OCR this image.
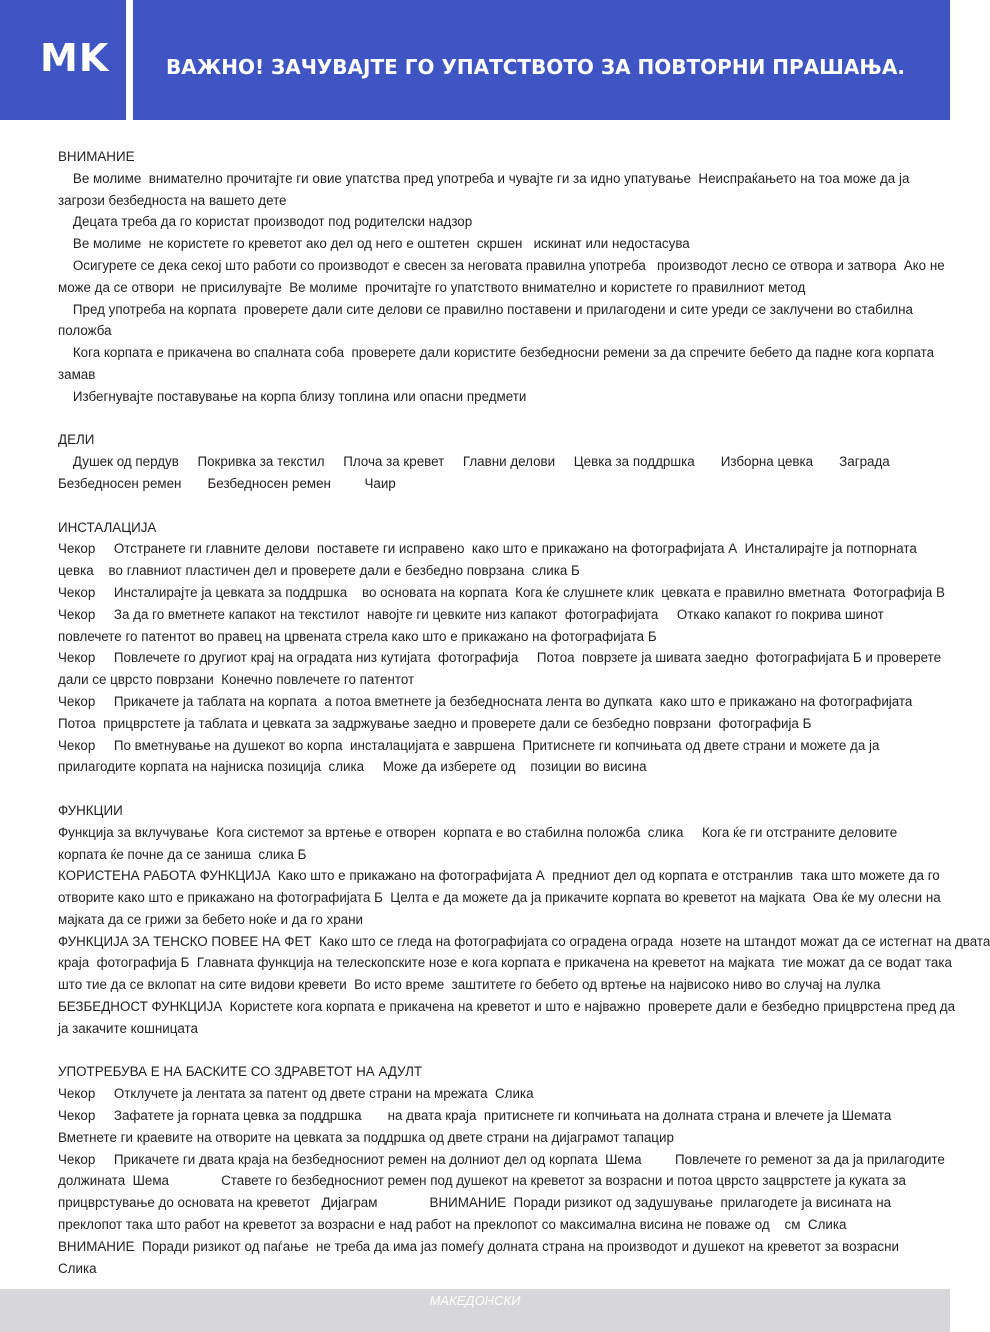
MK	ВАЖНО! ЗАЧУВАЈТЕ ГО УПАТСТВОТО ЗА ПОВТОРНИ ПРАШАЊА.
ВНИМАНИЕ
Ве молиме  внимателно прочитајте ги овие упатства пред употреба и чувајте ги за идно упатување  Неиспраќањето на тоа може да ја
загрози безбедноста на вашето дете
Децата треба да го користат производот под родителски надзор
Ве молиме  не користете го креветот ако дел од него е оштетен  скршен   искинат или недостасува
Осигурете се дека секој што работи со производот е свесен за неговата правилна употреба   производот лесно се отвора и затвора  Ако не
може да се отвори  не присилувајте  Ве молиме  прочитајте го упатството внимателно и користете го правилниот метод
Пред употреба на корпата  проверете дали сите делови се правилно поставени и прилагодени и сите уреди се заклучени во стабилна
положба
Кога корпата е прикачена во спалната соба  проверете дали користите безбедносни ремени за да спречите бебето да падне кога корпата
замав
Избегнувајте поставување на корпа близу топлина или опасни предмети
ДЕЛИ
Душек од пердув     Покривка за текстил     Плоча за кревет     Главни делови     Цевка за поддршка       Изборна цевка       Заграда
Безбедносен ремен       Безбедносен ремен         Чаир
ИНСТАЛАЦИЈА
Чекор     Отстранете ги главните делови  поставете ги исправено  како што е прикажано на фотографијата А  Инсталирајте ја потпорната
цевка    во главниот пластичен дел и проверете дали е безбедно поврзана  слика Б
Чекор     Инсталирајте ја цевката за поддршка    во основата на корпата  Кога ќе слушнете клик  цевката е правилно вметната  Фотографија В
Чекор     За да го вметнете капакот на текстилот  навојте ги цевките низ капакот  фотографијата     Откако капакот го покрива шинот
повлечете го патентот во правец на црвената стрела како што е прикажано на фотографијата Б
Чекор     Повлечете го другиот крај на оградата низ кутијата  фотографија     Потоа  поврзете ја шивата заедно  фотографијата Б и проверете
дали се цврсто поврзани  Конечно повлечете го патентот
Чекор     Прикачете ја таблата на корпата  а потоа вметнете ја безбедносната лента во дупката  како што е прикажано на фотографијата
Потоа  прицврстете ја таблата и цевката за задржување заедно и проверете дали се безбедно поврзани  фотографија Б
Чекор     По вметнување на душекот во корпа  инсталацијата е завршена  Притиснете ги копчињата од двете страни и можете да ја
прилагодите корпата на најниска позиција  слика     Може да изберете од    позиции во висина
ФУНКЦИИ
Функција за вклучување  Кога системот за вртење е отворен  корпата е во стабилна положба  слика     Кога ќе ги отстраните деловите
корпата ќе почне да се заниша  слика Б
КОРИСТЕНА РАБОТА ФУНКЦИЈА  Како што е прикажано на фотографијата А  предниот дел од корпата е отстранлив  така што можете да го
отворите како што е прикажано на фотографијата Б  Целта е да можете да ја прикачите корпата во креветот на мајката  Ова ќе му олесни на
мајката да се грижи за бебето ноќе и да го храни
ФУНКЦИЈА ЗА ТЕНСКО ПОВЕЕ НА ФЕТ  Како што се гледа на фотографијата со оградена ограда  нозете на штандот можат да се истегнат на двата
краја  фотографија Б  Главната функција на телескопските нозе е кога корпата е прикачена на креветот на мајката  тие можат да се водат така
што тие да се вклопат на сите видови кревети  Во исто време  заштитете го бебето од вртење на највисоко ниво во случај на лулка
БЕЗБЕДНОСТ ФУНКЦИЈА  Користете кога корпата е прикачена на креветот и што е најважно  проверете дали е безбедно прицврстена пред да
ја закачите кошницата
УПОТРЕБУВА Е НА БАСКИТЕ СО ЗДРАВЕТОТ НА АДУЛТ
Чекор     Отклучете ја лентата за патент од двете страни на мрежата  Слика
Чекор     Зафатете ја горната цевка за поддршка       на двата краја  притиснете ги копчињата на долната страна и влечете ја Шемата
Вметнете ги краевите на отворите на цевката за поддршка од двете страни на дијаграмот тапацир
Чекор     Прикачете ги двата краја на безбедносниот ремен на долниот дел од корпата  Шема         Повлечете го ременот за да ја прилагодите
должината  Шема              Ставете го безбедносниот ремен под душекот на креветот за возрасни и потоа цврсто зацврстете ја куката за
прицврстување до основата на креветот   Дијаграм              ВНИМАНИЕ  Поради ризикот од задушување  прилагодете ја висината на
преклопот така што работ на креветот за возрасни е над работ на преклопот со максимална висина не поважe од    см  Слика
ВНИМАНИЕ  Поради ризикот од паѓање  не треба да има јаз помеѓу долната страна на производот и душекот на креветот за возрасни
Слика
МАКЕДОНСКИ
